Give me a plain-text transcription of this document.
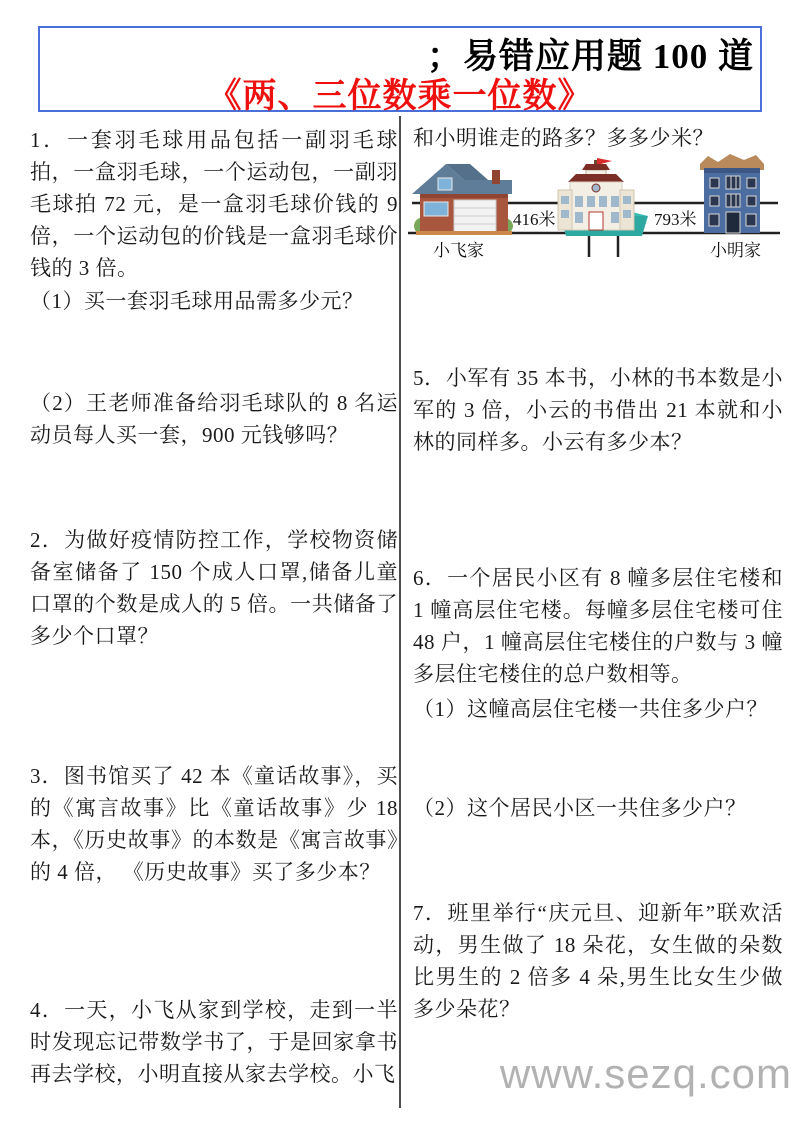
；易错应用题 100 道
《两、三位数乘一位数》
1．一套羽毛球用品包括一副羽毛球拍，一盒羽毛球，一个运动包，一副羽毛球拍 72 元，是一盒羽毛球价钱的 9 倍，一个运动包的价钱是一盒羽毛球价钱的 3 倍。
（1）买一套羽毛球用品需多少元？
（2）王老师准备给羽毛球队的 8 名运动员每人买一套，900 元钱够吗？
2．为做好疫情防控工作，学校物资储备室储备了 150 个成人口罩,储备儿童口罩的个数是成人的 5 倍。一共储备了多少个口罩？
3．图书馆买了 42 本《童话故事》，买的《寓言故事》比《童话故事》少 18 本，《历史故事》的本数是《寓言故事》的 4 倍， 《历史故事》买了多少本？
4．一天，小飞从家到学校，走到一半时发现忘记带数学书了，于是回家拿书再去学校，小明直接从家去学校。小飞
和小明谁走的路多？多多少米？
416米	793米
小飞家	小明家
5．小军有 35 本书，小林的书本数是小军的 3 倍，小云的书借出 21 本就和小林的同样多。小云有多少本？
6．一个居民小区有 8 幢多层住宅楼和 1 幢高层住宅楼。每幢多层住宅楼可住 48 户，1 幢高层住宅楼住的户数与 3 幢多层住宅楼住的总户数相等。
（1）这幢高层住宅楼一共住多少户？
（2）这个居民小区一共住多少户？
7．班里举行“庆元旦、迎新年”联欢活动，男生做了 18 朵花，女生做的朵数比男生的 2 倍多 4 朵,男生比女生少做多少朵花？
www.sezq.com
